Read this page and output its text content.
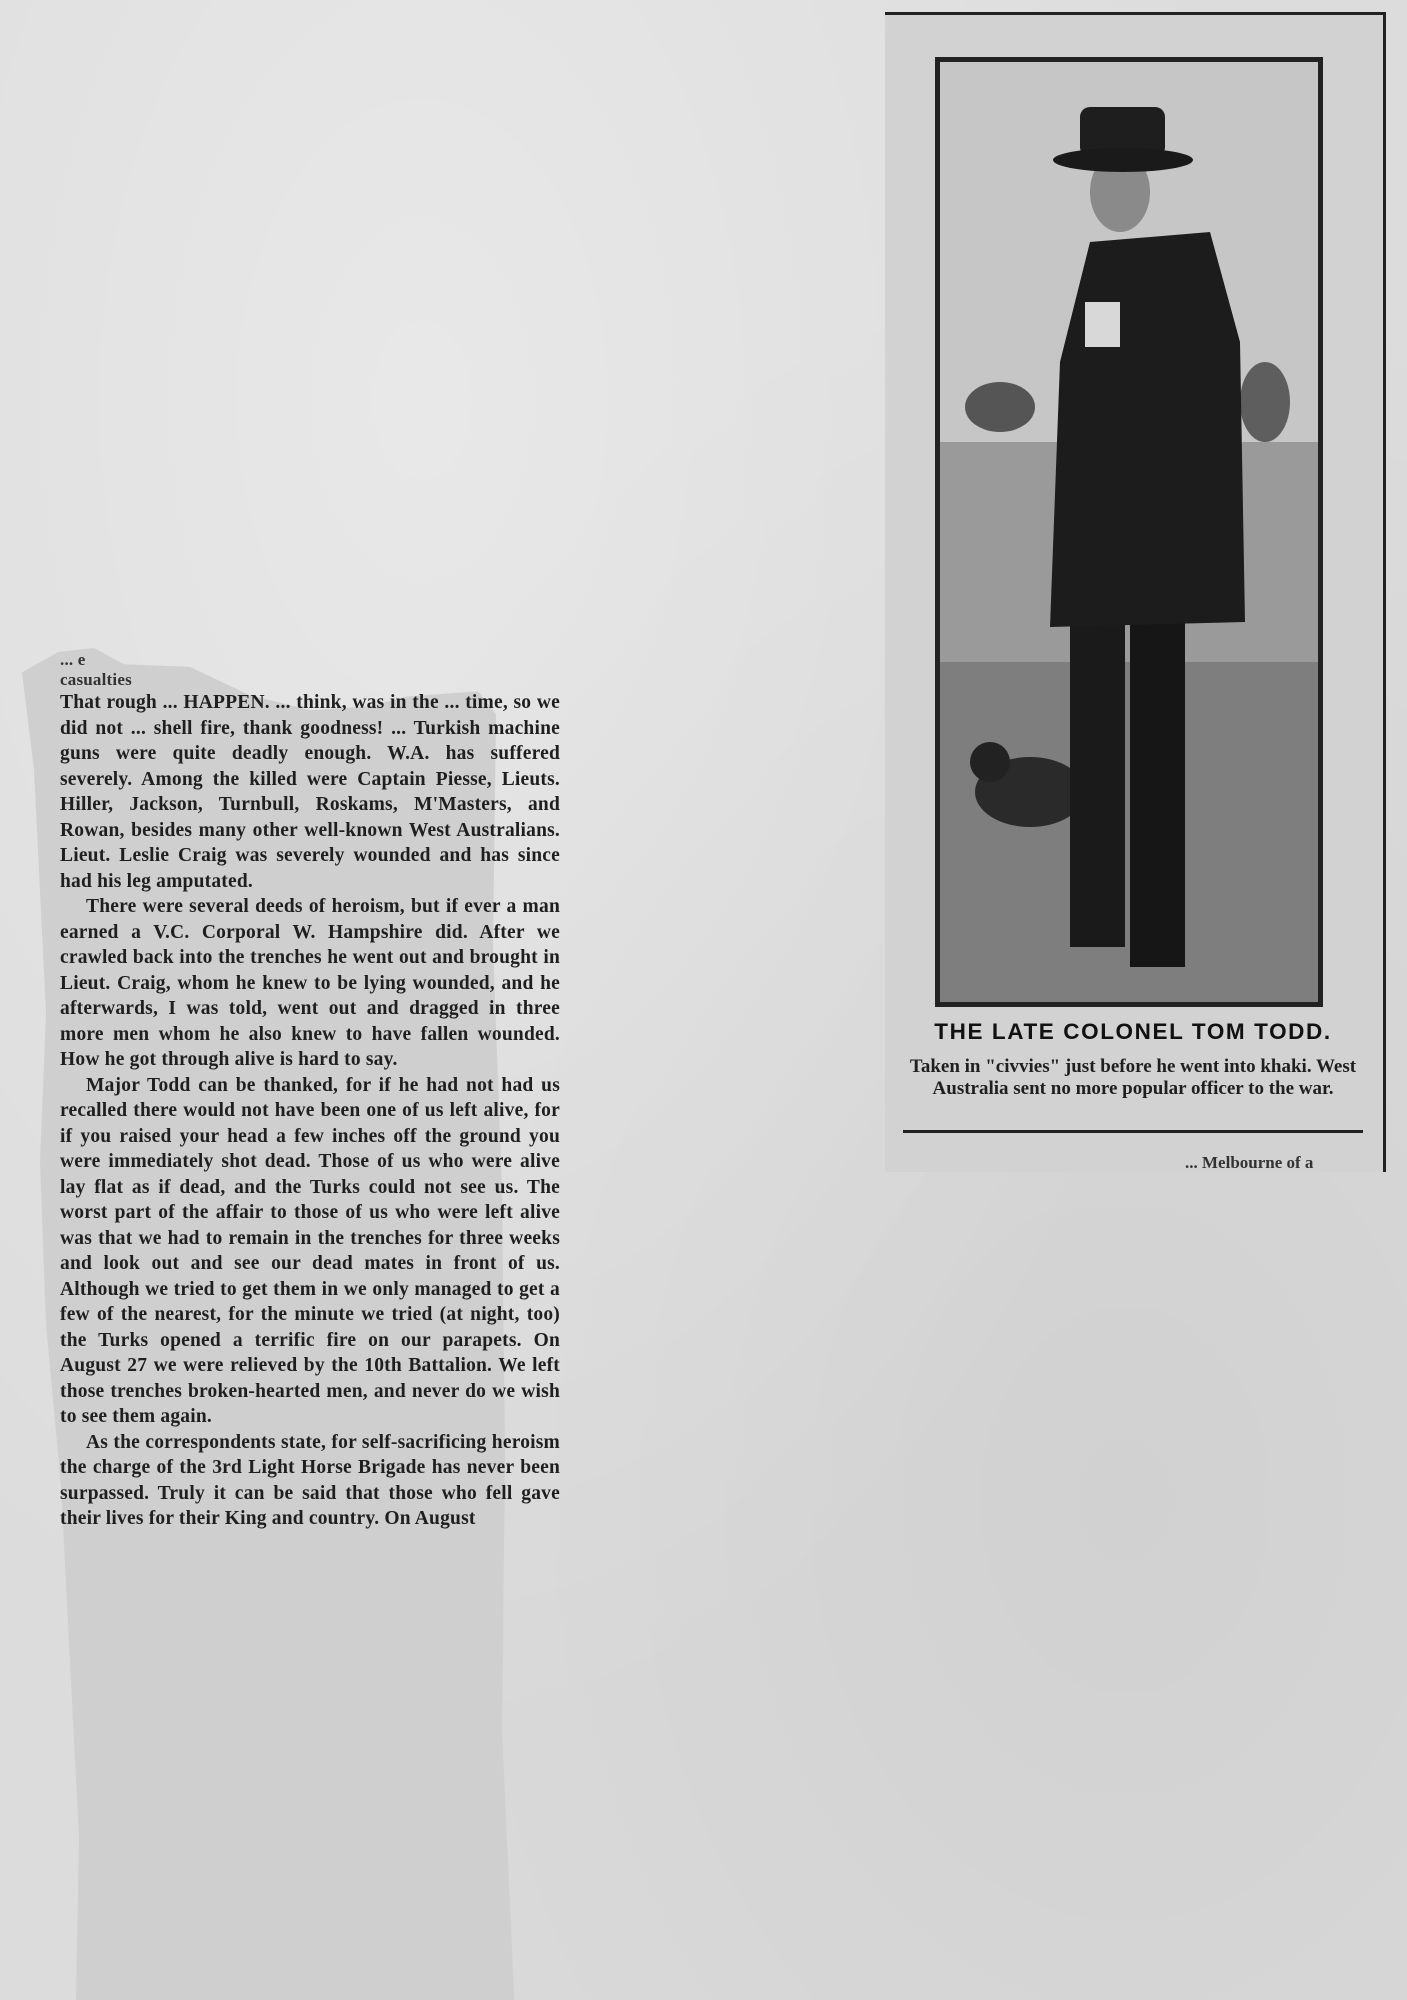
... e

casualties

That rough ... HAPPEN. ... think, was in the ... time, so we did not ... shell fire, thank goodness! ... Turkish machine guns were quite deadly enough. W.A. has suffered severely. Among the killed were Captain Piesse, Lieuts. Hiller, Jackson, Turnbull, Roskams, M'Masters, and Rowan, besides many other well-known West Australians. Lieut. Leslie Craig was severely wounded and has since had his leg amputated.

There were several deeds of heroism, but if ever a man earned a V.C. Corporal W. Hampshire did. After we crawled back into the trenches he went out and brought in Lieut. Craig, whom he knew to be lying wounded, and he afterwards, I was told, went out and dragged in three more men whom he also knew to have fallen wounded. How he got through alive is hard to say.

Major Todd can be thanked, for if he had not had us recalled there would not have been one of us left alive, for if you raised your head a few inches off the ground you were immediately shot dead. Those of us who were alive lay flat as if dead, and the Turks could not see us. The worst part of the affair to those of us who were left alive was that we had to remain in the trenches for three weeks and look out and see our dead mates in front of us. Although we tried to get them in we only managed to get a few of the nearest, for the minute we tried (at night, too) the Turks opened a terrific fire on our parapets. On August 27 we were relieved by the 10th Battalion. We left those trenches broken-hearted men, and never do we wish to see them again.

As the correspondents state, for self-sacrificing heroism the charge of the 3rd Light Horse Brigade has never been surpassed. Truly it can be said that those who fell gave their lives for their King and country. On August

THE LATE COLONEL TOM TODD.
Taken in "civvies" just before he went into khaki. West Australia sent no more popular officer to the war.
... Melbourne of a
